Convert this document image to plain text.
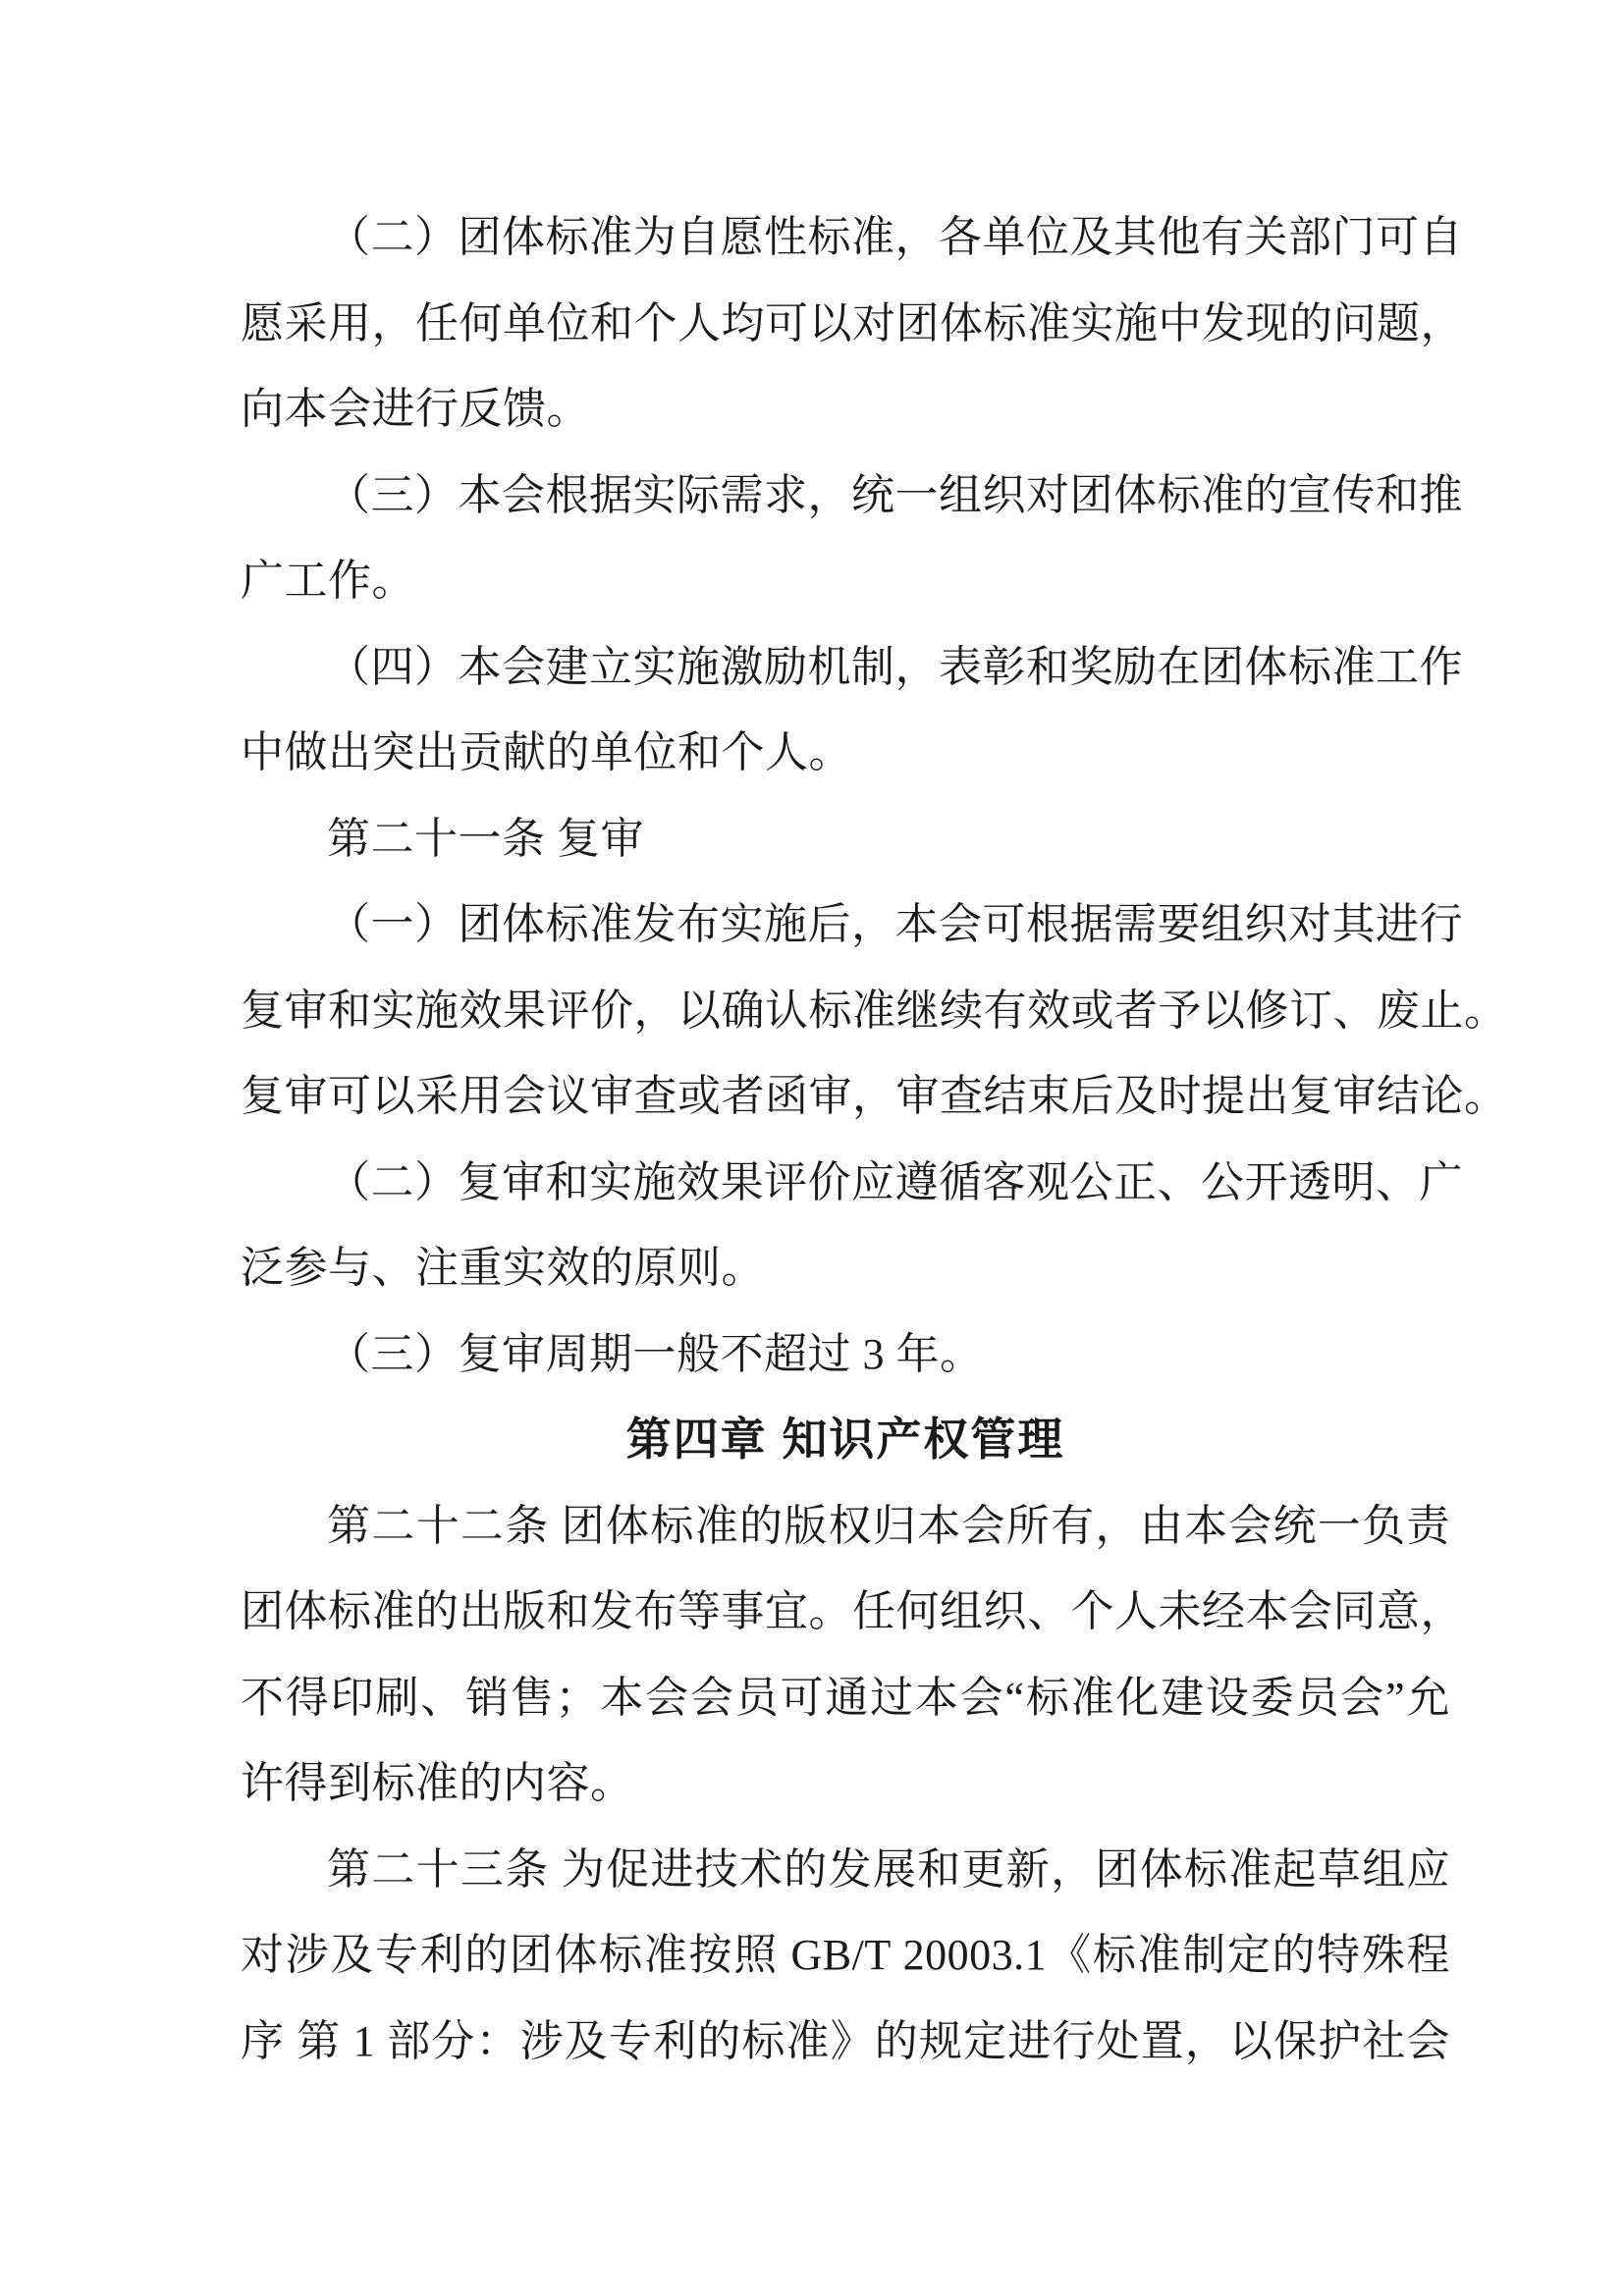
（二）团体标准为自愿性标准，各单位及其他有关部门可自
愿采用，任何单位和个人均可以对团体标准实施中发现的问题，
向本会进行反馈。
（三）本会根据实际需求，统一组织对团体标准的宣传和推
广工作。
（四）本会建立实施激励机制，表彰和奖励在团体标准工作
中做出突出贡献的单位和个人。
第二十一条 复审
（一）团体标准发布实施后，本会可根据需要组织对其进行
复审和实施效果评价，以确认标准继续有效或者予以修订、废止。
复审可以采用会议审查或者函审，审查结束后及时提出复审结论。
（二）复审和实施效果评价应遵循客观公正、公开透明、广
泛参与、注重实效的原则。
（三）复审周期一般不超过 3 年。
第四章 知识产权管理
第二十二条 团体标准的版权归本会所有，由本会统一负责
团体标准的出版和发布等事宜。任何组织、个人未经本会同意，
不得印刷、销售；本会会员可通过本会“标准化建设委员会”允
许得到标准的内容。
第二十三条 为促进技术的发展和更新，团体标准起草组应
对涉及专利的团体标准按照 GB/T 20003.1《标准制定的特殊程
序 第 1 部分：涉及专利的标准》的规定进行处置，以保护社会
